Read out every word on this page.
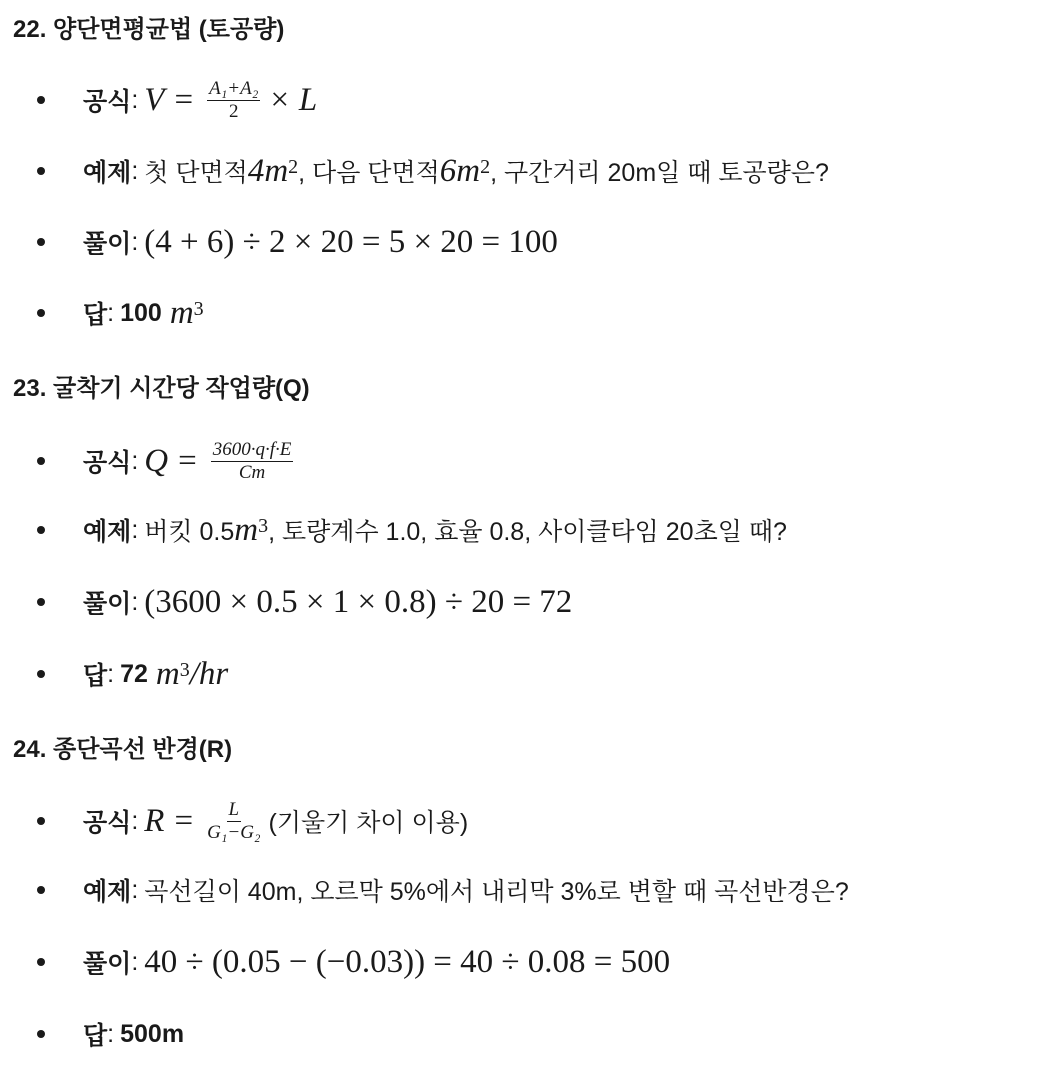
22. 양단면평균법 (토공량)
공식 : $V = \frac{\text{A₁+A₂}}{2} \times L$
예제 : 첫 단면적 $4m^2$ , 다음 단면적 $6m^2$ , 구간거리 20m일 때 토공량은?
풀이 : (4 + 6) ÷ 2 × 20 = 5 × 20 = 100
답 : 100 $m^3$
23. 굴착기 시간당 작업량(Q)
공식 : $Q = \frac{3600\cdot q\cdot f\cdot E}{Cm}$
예제 : 버킷 0.5 $m^3$ , 토량계수 1.0, 효율 0.8, 사이클타임 20초일 때?
풀이 : (3600 × 0.5 × 1 × 0.8) ÷ 20 = 72
답 : 72 $m^3$ /hr
24. 종단곡선 반경(R)
공식 : $R = \frac{L}{\text{G₁−G₂}}$ (기울기 차이 이용)
예제 : 곡선길이 40m, 오르막 5%에서 내리막 3%로 변할 때 곡선반경은?
풀이 : 40 ÷ (0.05 − (−0.03)) = 40 ÷ 0.08 = 500
답 : 500m
